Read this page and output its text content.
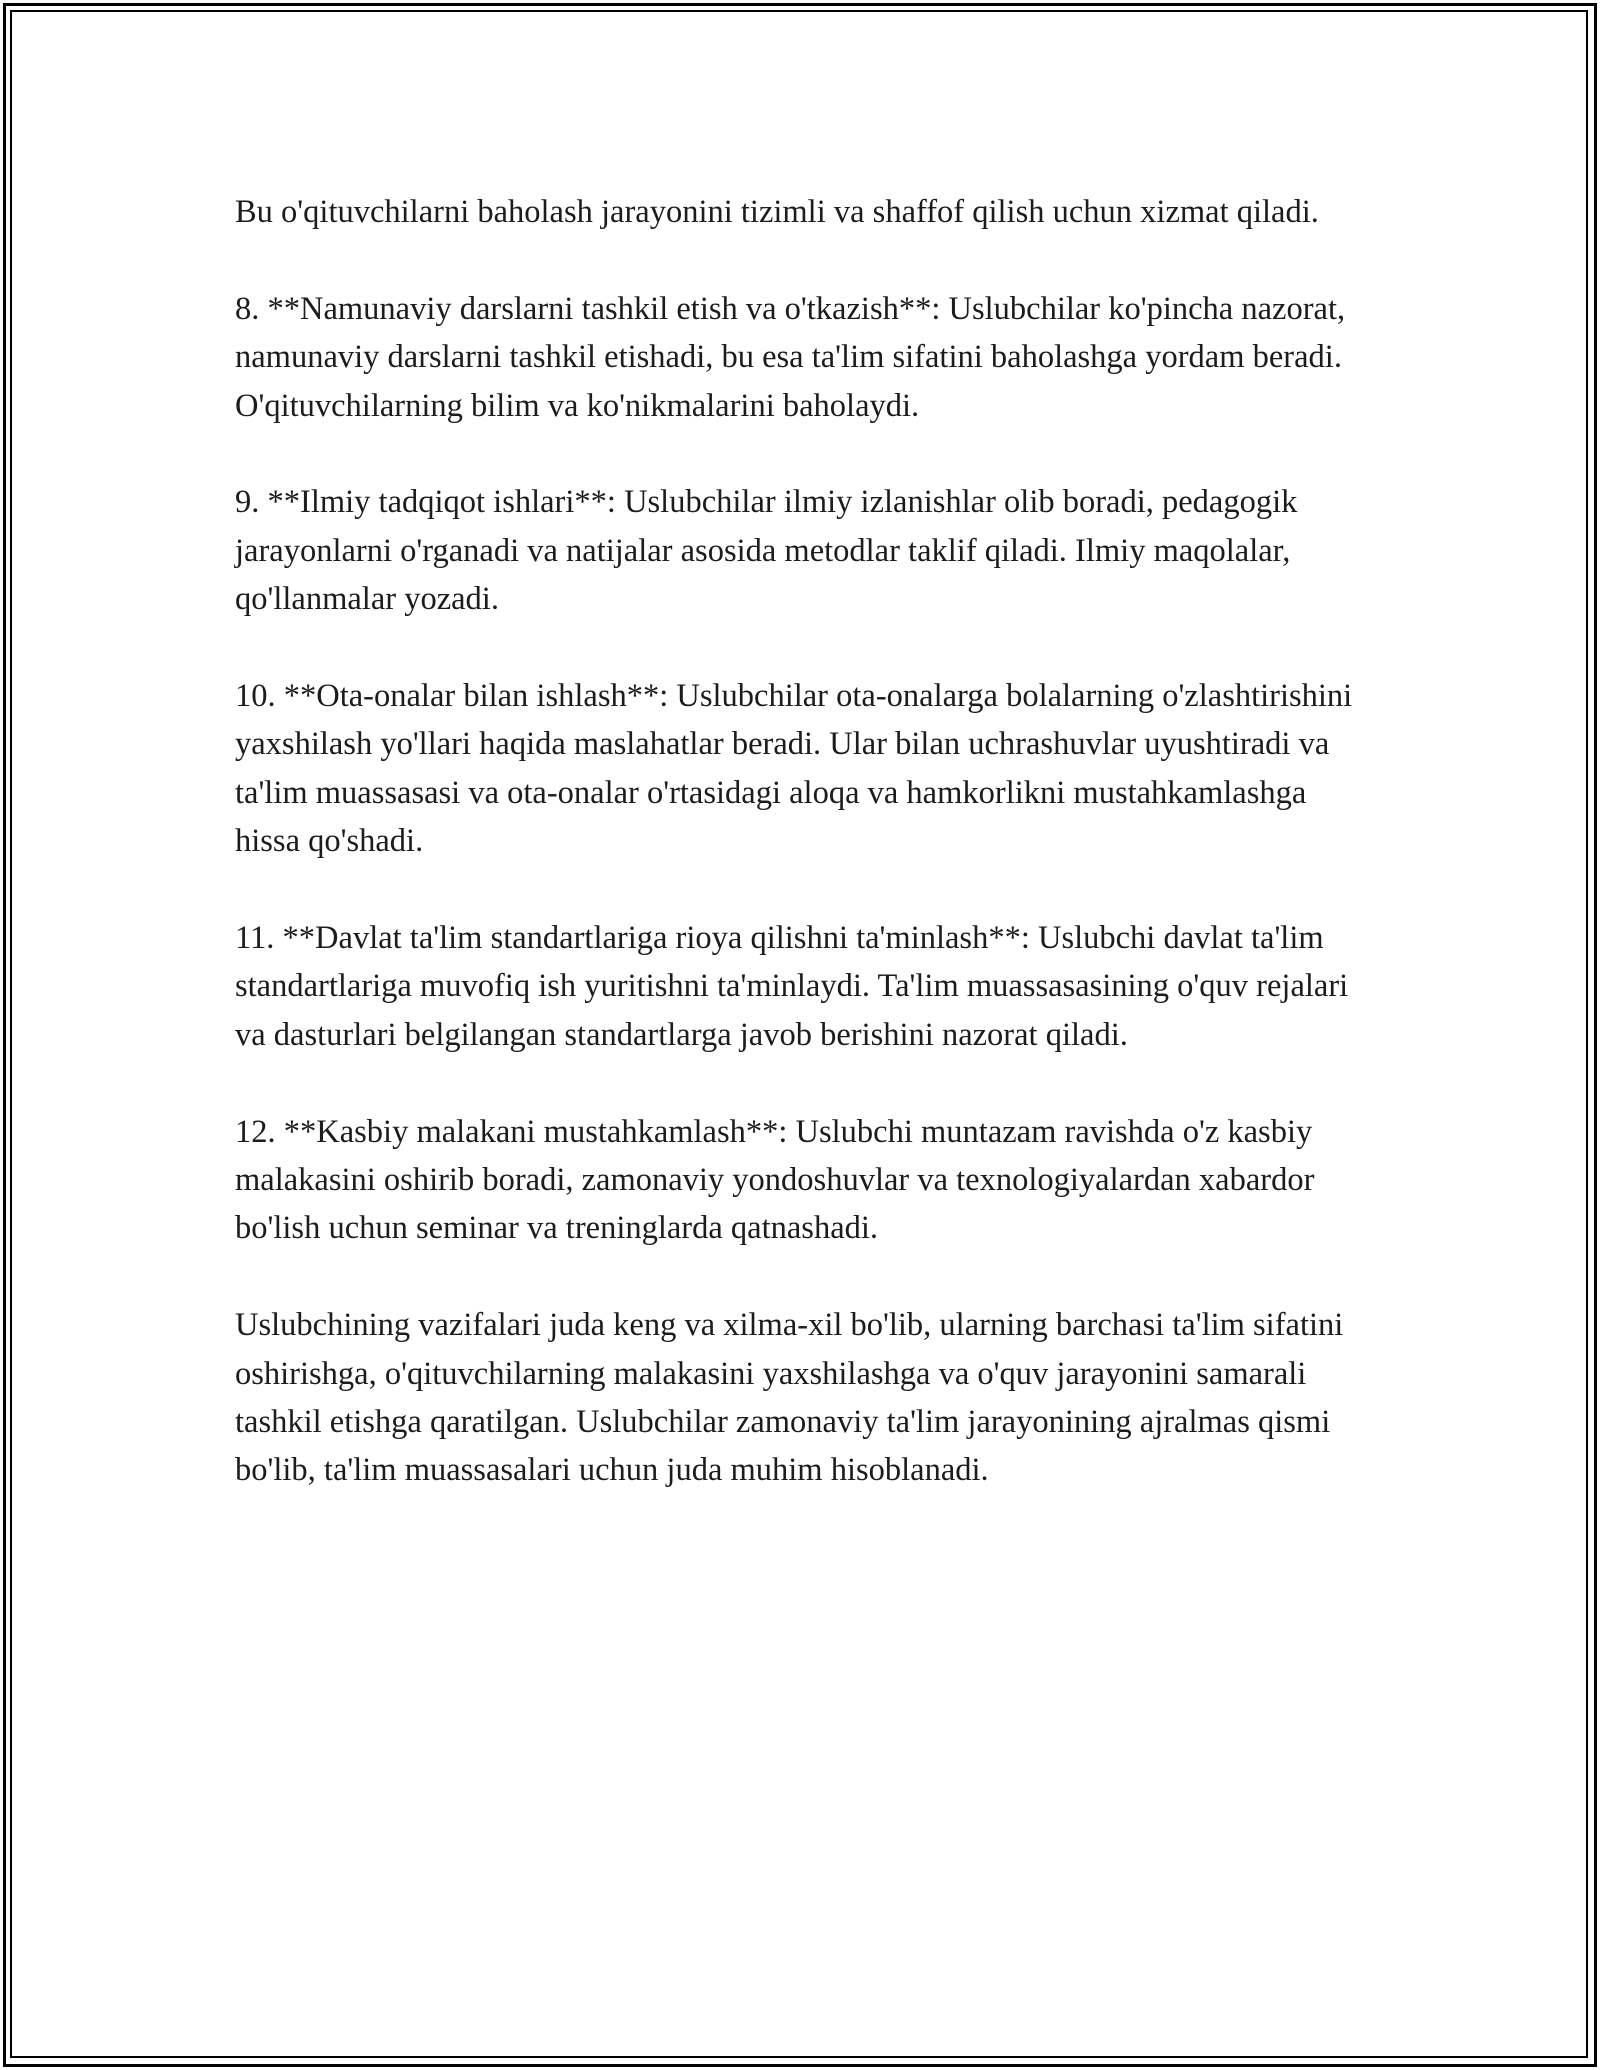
Bu o'qituvchilarni baholash jarayonini tizimli va shaffof qilish uchun xizmat qiladi.

8. **Namunaviy darslarni tashkil etish va o'tkazish**: Uslubchilar ko'pincha nazorat, namunaviy darslarni tashkil etishadi, bu esa ta'lim sifatini baholashga yordam beradi. O'qituvchilarning bilim va ko'nikmalarini baholaydi.

9. **Ilmiy tadqiqot ishlari**: Uslubchilar ilmiy izlanishlar olib boradi, pedagogik jarayonlarni o'rganadi va natijalar asosida metodlar taklif qiladi. Ilmiy maqolalar, qo'llanmalar yozadi.

10. **Ota-onalar bilan ishlash**: Uslubchilar ota-onalarga bolalarning o'zlashtirishini yaxshilash yo'llari haqida maslahatlar beradi. Ular bilan uchrashuvlar uyushtiradi va ta'lim muassasasi va ota-onalar o'rtasidagi aloqa va hamkorlikni mustahkamlashga hissa qo'shadi.

11. **Davlat ta'lim standartlariga rioya qilishni ta'minlash**: Uslubchi davlat ta'lim standartlariga muvofiq ish yuritishni ta'minlaydi. Ta'lim muassasasining o'quv rejalari va dasturlari belgilangan standartlarga javob berishini nazorat qiladi.

12. **Kasbiy malakani mustahkamlash**: Uslubchi muntazam ravishda o'z kasbiy malakasini oshirib boradi, zamonaviy yondoshuvlar va texnologiyalardan xabardor bo'lish uchun seminar va treninglarda qatnashadi.

Uslubchining vazifalari juda keng va xilma-xil bo'lib, ularning barchasi ta'lim sifatini oshirishga, o'qituvchilarning malakasini yaxshilashga va o'quv jarayonini samarali tashkil etishga qaratilgan. Uslubchilar zamonaviy ta'lim jarayonining ajralmas qismi bo'lib, ta'lim muassasalari uchun juda muhim hisoblanadi.
